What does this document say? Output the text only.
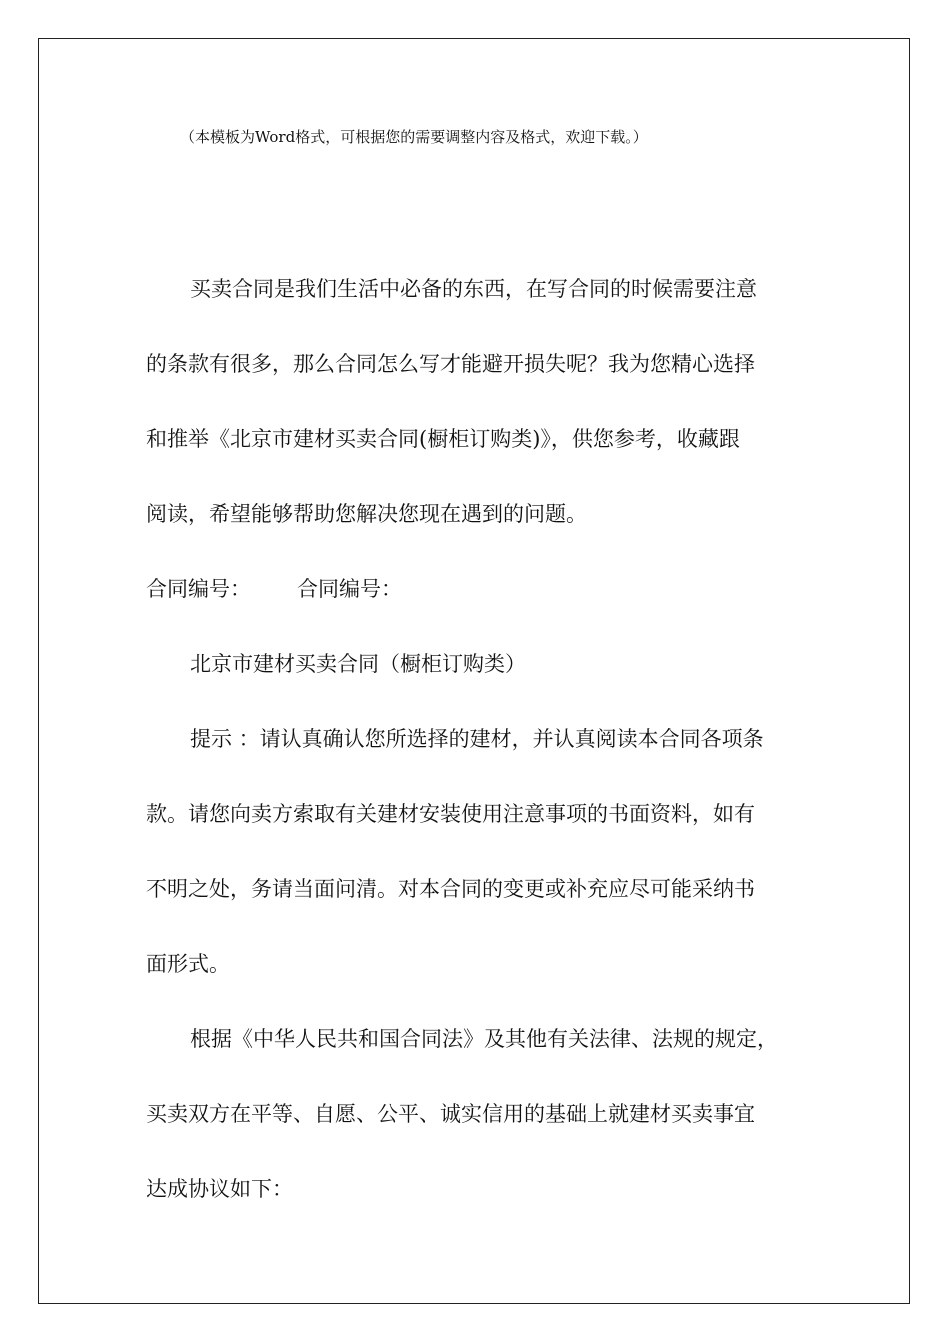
（本模板为Word格式，可根据您的需要调整内容及格式，欢迎下载。）
买卖合同是我们生活中必备的东西，在写合同的时候需要注意
的条款有很多，那么合同怎么写才能避开损失呢？我为您精心选择
和推举《北京市建材买卖合同(橱柜订购类)》，供您参考，收藏跟
阅读，希望能够帮助您解决您现在遇到的问题。
合同编号： 合同编号：
北京市建材买卖合同（橱柜订购类）
提示 ：请认真确认您所选择的建材，并认真阅读本合同各项条
款。请您向卖方索取有关建材安装使用注意事项的书面资料，如有
不明之处，务请当面问清。对本合同的变更或补充应尽可能采纳书
面形式。
根据《中华人民共和国合同法》及其他有关法律、法规的规定，
买卖双方在平等、自愿、公平、诚实信用的基础上就建材买卖事宜
达成协议如下：
